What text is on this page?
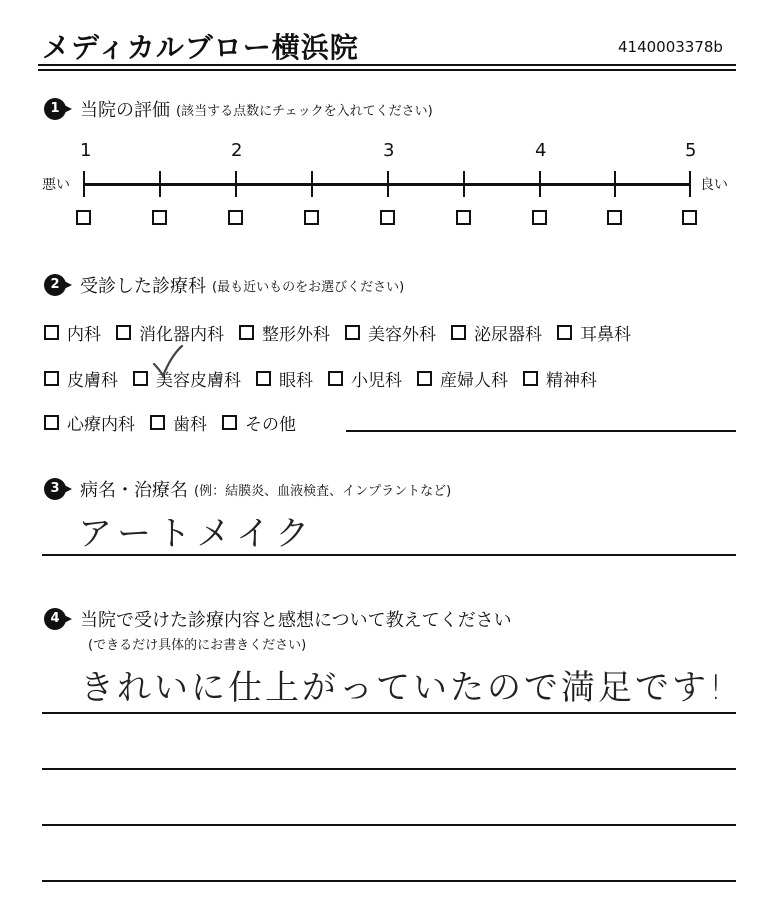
メディカルブロー横浜院	4140003378b
1	当院の評価 (該当する点数にチェックを入れてください)
1	2	3	4	5
悪い	良い
2	受診した診療科 (最も近いものをお選びください)
内科 消化器内科 整形外科 美容外科 泌尿器科 耳鼻科
皮膚科 美容皮膚科 眼科 小児科 産婦人科 精神科
心療内科 歯科 その他
3	病名・治療名 (例：結膜炎、血液検査、インプラントなど)
アートメイク
4	当院で受けた診療内容と感想について教えてください
(できるだけ具体的にお書きください)
きれいに仕上がっていたので満足です!
